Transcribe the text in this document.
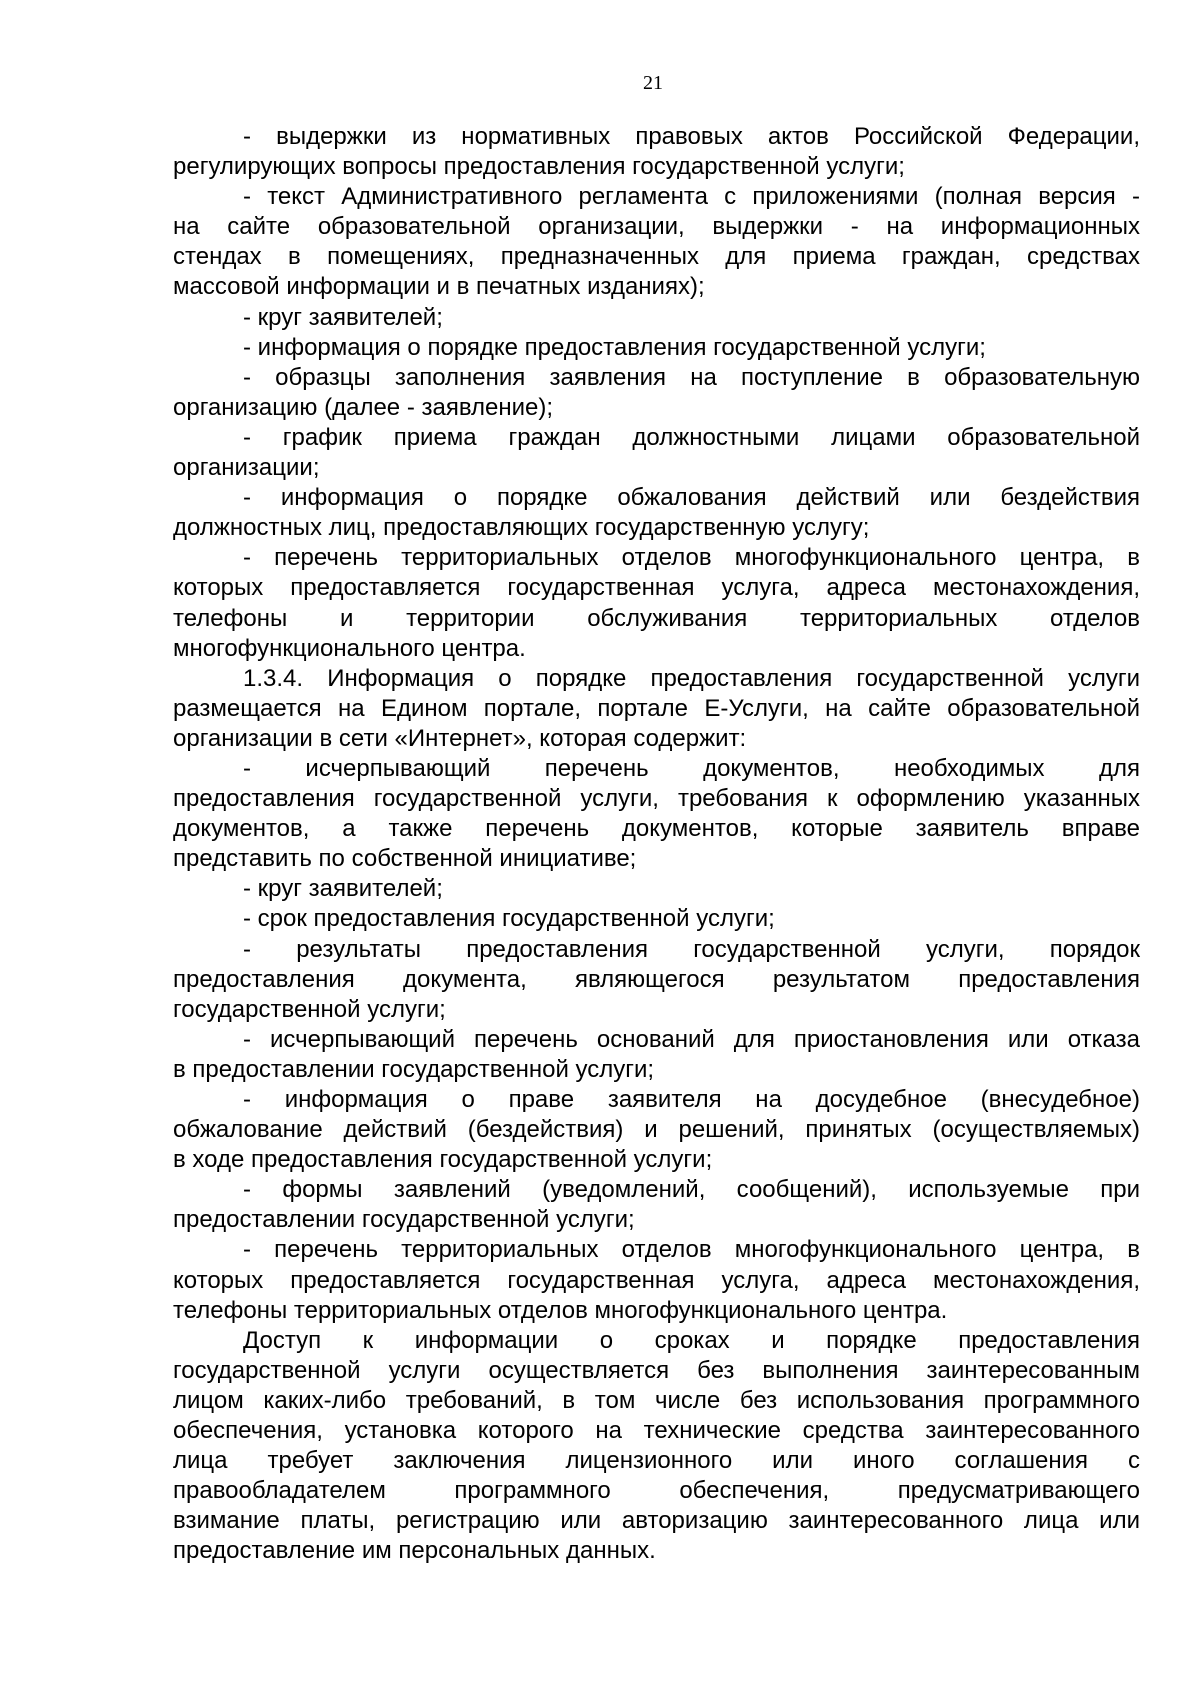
21
- выдержки из нормативных правовых актов Российской Федерации,
регулирующих вопросы предоставления государственной услуги;
- текст Административного регламента с приложениями (полная версия -
на сайте образовательной организации, выдержки - на информационных
стендах в помещениях, предназначенных для приема граждан, средствах
массовой информации и в печатных изданиях);
- круг заявителей;
- информация о порядке предоставления государственной услуги;
- образцы заполнения заявления на поступление в образовательную
организацию (далее - заявление);
- график приема граждан должностными лицами образовательной
организации;
- информация о порядке обжалования действий или бездействия
должностных лиц, предоставляющих государственную услугу;
- перечень территориальных отделов многофункционального центра, в
которых предоставляется государственная услуга, адреса местонахождения,
телефоны и территории обслуживания территориальных отделов
многофункционального центра.
1.3.4. Информация о порядке предоставления государственной услуги
размещается на Едином портале, портале Е-Услуги, на сайте образовательной
организации в сети «Интернет», которая содержит:
- исчерпывающий перечень документов, необходимых для
предоставления государственной услуги, требования к оформлению указанных
документов, а также перечень документов, которые заявитель вправе
представить по собственной инициативе;
- круг заявителей;
- срок предоставления государственной услуги;
- результаты предоставления государственной услуги, порядок
предоставления документа, являющегося результатом предоставления
государственной услуги;
- исчерпывающий перечень оснований для приостановления или отказа
в предоставлении государственной услуги;
- информация о праве заявителя на досудебное (внесудебное)
обжалование действий (бездействия) и решений, принятых (осуществляемых)
в ходе предоставления государственной услуги;
- формы заявлений (уведомлений, сообщений), используемые при
предоставлении государственной услуги;
- перечень территориальных отделов многофункционального центра, в
которых предоставляется государственная услуга, адреса местонахождения,
телефоны территориальных отделов многофункционального центра.
Доступ к информации о сроках и порядке предоставления
государственной услуги осуществляется без выполнения заинтересованным
лицом каких-либо требований, в том числе без использования программного
обеспечения, установка которого на технические средства заинтересованного
лица требует заключения лицензионного или иного соглашения с
правообладателем программного обеспечения, предусматривающего
взимание платы, регистрацию или авторизацию заинтересованного лица или
предоставление им персональных данных.
